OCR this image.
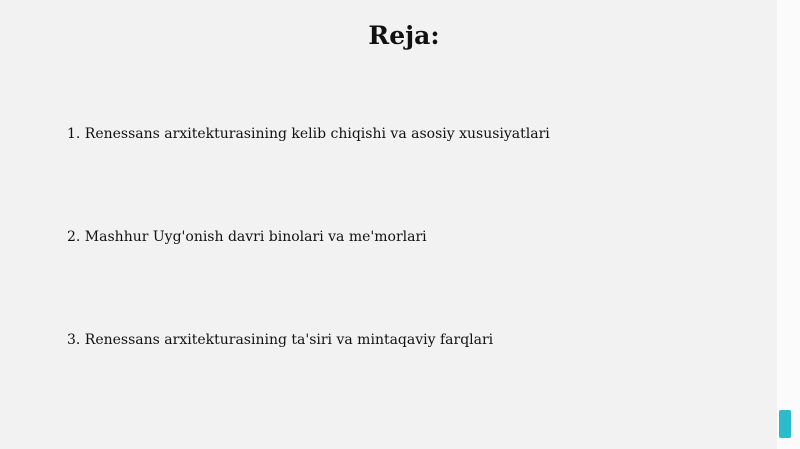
Reja:

1. Renessans arxitekturasining kelib chiqishi va asosiy xususiyatlari

2. Mashhur Uyg'onish davri binolari va me'morlari

3. Renessans arxitekturasining ta'siri va mintaqaviy farqlari
